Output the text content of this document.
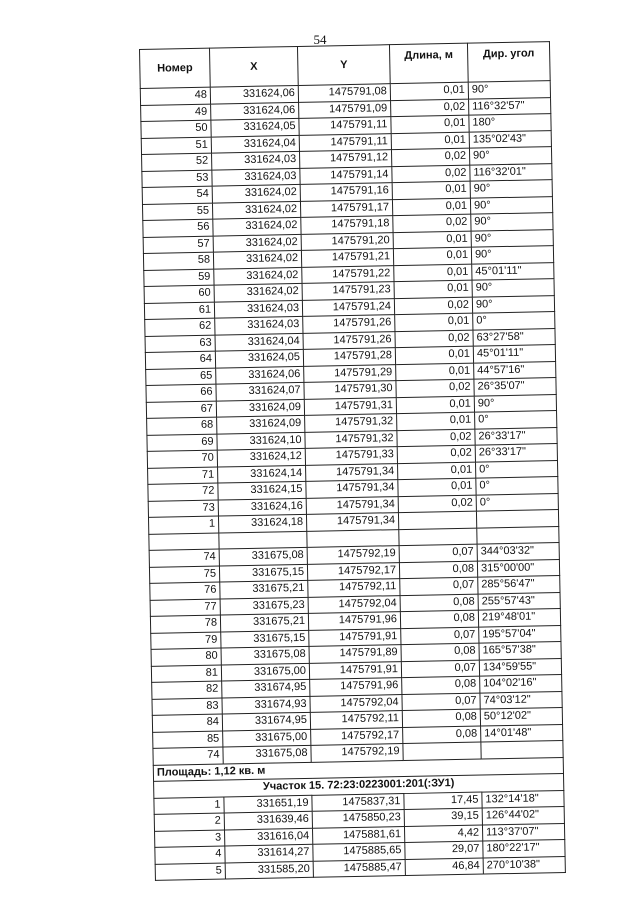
54
Номер	X	Y	Длина, м	Дир. угол
48	331624,06	1475791,08	0,01	90°
49	331624,06	1475791,09	0,02	116°32'57"
50	331624,05	1475791,11	0,01	180°
51	331624,04	1475791,11	0,01	135°02'43"
52	331624,03	1475791,12	0,02	90°
53	331624,03	1475791,14	0,02	116°32'01"
54	331624,02	1475791,16	0,01	90°
55	331624,02	1475791,17	0,01	90°
56	331624,02	1475791,18	0,02	90°
57	331624,02	1475791,20	0,01	90°
58	331624,02	1475791,21	0,01	90°
59	331624,02	1475791,22	0,01	45°01'11"
60	331624,02	1475791,23	0,01	90°
61	331624,03	1475791,24	0,02	90°
62	331624,03	1475791,26	0,01	0°
63	331624,04	1475791,26	0,02	63°27'58"
64	331624,05	1475791,28	0,01	45°01'11"
65	331624,06	1475791,29	0,01	44°57'16"
66	331624,07	1475791,30	0,02	26°35'07"
67	331624,09	1475791,31	0,01	90°
68	331624,09	1475791,32	0,01	0°
69	331624,10	1475791,32	0,02	26°33'17"
70	331624,12	1475791,33	0,02	26°33'17"
71	331624,14	1475791,34	0,01	0°
72	331624,15	1475791,34	0,01	0°
73	331624,16	1475791,34	0,02	0°
1	331624,18	1475791,34		

74	331675,08	1475792,19	0,07	344°03'32"
75	331675,15	1475792,17	0,08	315°00'00"
76	331675,21	1475792,11	0,07	285°56'47"
77	331675,23	1475792,04	0,08	255°57'43"
78	331675,21	1475791,96	0,08	219°48'01"
79	331675,15	1475791,91	0,07	195°57'04"
80	331675,08	1475791,89	0,08	165°57'38"
81	331675,00	1475791,91	0,07	134°59'55"
82	331674,95	1475791,96	0,08	104°02'16"
83	331674,93	1475792,04	0,07	74°03'12"
84	331674,95	1475792,11	0,08	50°12'02"
85	331675,00	1475792,17	0,08	14°01'48"
74	331675,08	1475792,19		
Площадь: 1,12 кв. м				
Участок 15. 72:23:0223001:201(:ЗУ1)				
1	331651,19	1475837,31	17,45	132°14'18"
2	331639,46	1475850,23	39,15	126°44'02"
3	331616,04	1475881,61	4,42	113°37'07"
4	331614,27	1475885,65	29,07	180°22'17"
5	331585,20	1475885,47	46,84	270°10'38"
